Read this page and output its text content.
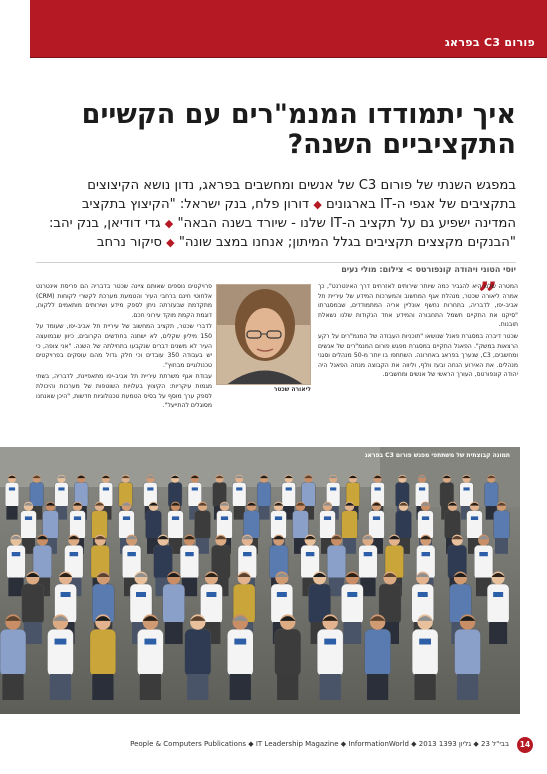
פורום C3 בפראג
איך יתמודדו המנמ"רים עם הקשיים
התקציביים השנה?
במפגש השנתי של פורום C3 של אנשים ומחשבים בפראג, נדון נושא הקיצוצים בתקציבים של אגפי ה-IT בארגונים ◆ דורון פלח, בנק ישראל: "הקיצוץ בתקציב המדינה ישפיע גם על תקציב ה-IT שלנו - שיורד בשנה הבאה" ◆ גדי דודיאן, בנק יהב: "הבנקים מקצצים תקציבים בגלל המיתון; אנחנו במצב שונה" ◆ סיקור נרחב
יוסי הטוני ויהודה קונפורטס > צילום: מולי נעים
”

המטרה שלנו היא להגביר כמה שיותר שירותים לאזרחים דרך האינטרנט", כך אמרה ליאורה שכטר, מנהלת אגף המחשוב והמערכות המידע של עיריית תל אביב-יפו, לדבריה, בתחרות נחשף אונליין אריה המתמודדים, שבמסגרתו "סיקנו את התקיים חשמל התחבורה והמידע אחד הנקודות שלנו נשאלת תובנות.

שכטר דיברה במסגרת פאנל שנושאו "תוכניות העבודה של המנמ"רים על רקע הרצאות במשק". הפאנל התקיים במסגרת מפגש פורום המנמ"רים של אנשים ומחשבים, C3, שנערך בפראג באחרונה. השתתפו בו יותר מ-50 מנהלים וסגני מנהלים. את האירוע הנחה ובעז וולף, וליווה את הקבוצה מנחה הפאנל היה יהודה קונפורטס, העורך הראשי של אנשים ומחשבים.

ליאורה שכטר

פרויקטים נוספים שאותם ציינה שכטר בדבריה הם פריסת אינטרנט אלחוטי חינם ברחבי העיר והטמעת מערכת לקשרי לקוחות (CRM) מתקדמת שבעזרתה ניתן לספק מידע ושירותים מותאמים ללקוח, דוגמת הקמת מוקד עירוני חכם.

לדברי שכטר, תקציב המחשוב של עיריית תל אביב-יפו, שעומד על 150 מיליון שקלים, לא ישתנה בחודשים הקרובים, כיוון שבמועצה העיר לא משנים דברים שנקבעו בתחילתה של השנה. "אני צופה, כי יש בעבודה 350 עובדים וכי חלק גדול מהם עוסקים בפרויקטים טכנולוגיים מבחוץ".

עבודת אגף משרתת עיריית תל אביב-יפו מתאפיינת, לדבריה, בשתי מגמות עיקריות: הקיצוץ בעלויות השוטפות של מערכות והיכולת לספק ערך מוסף על בסיס הטמעת טכנולוגיות חדשות, "היכן שאנחנו מסוגלים להתייעל".

תמונה קבוצתית של משתתפי מפגש פורום C3 בפראג
People & Computers Publications ◆ IT Leadership Magazine ◆ InformationWorld ◆ 2013 בבי"ל 23 ◆ גליון 1393	14
